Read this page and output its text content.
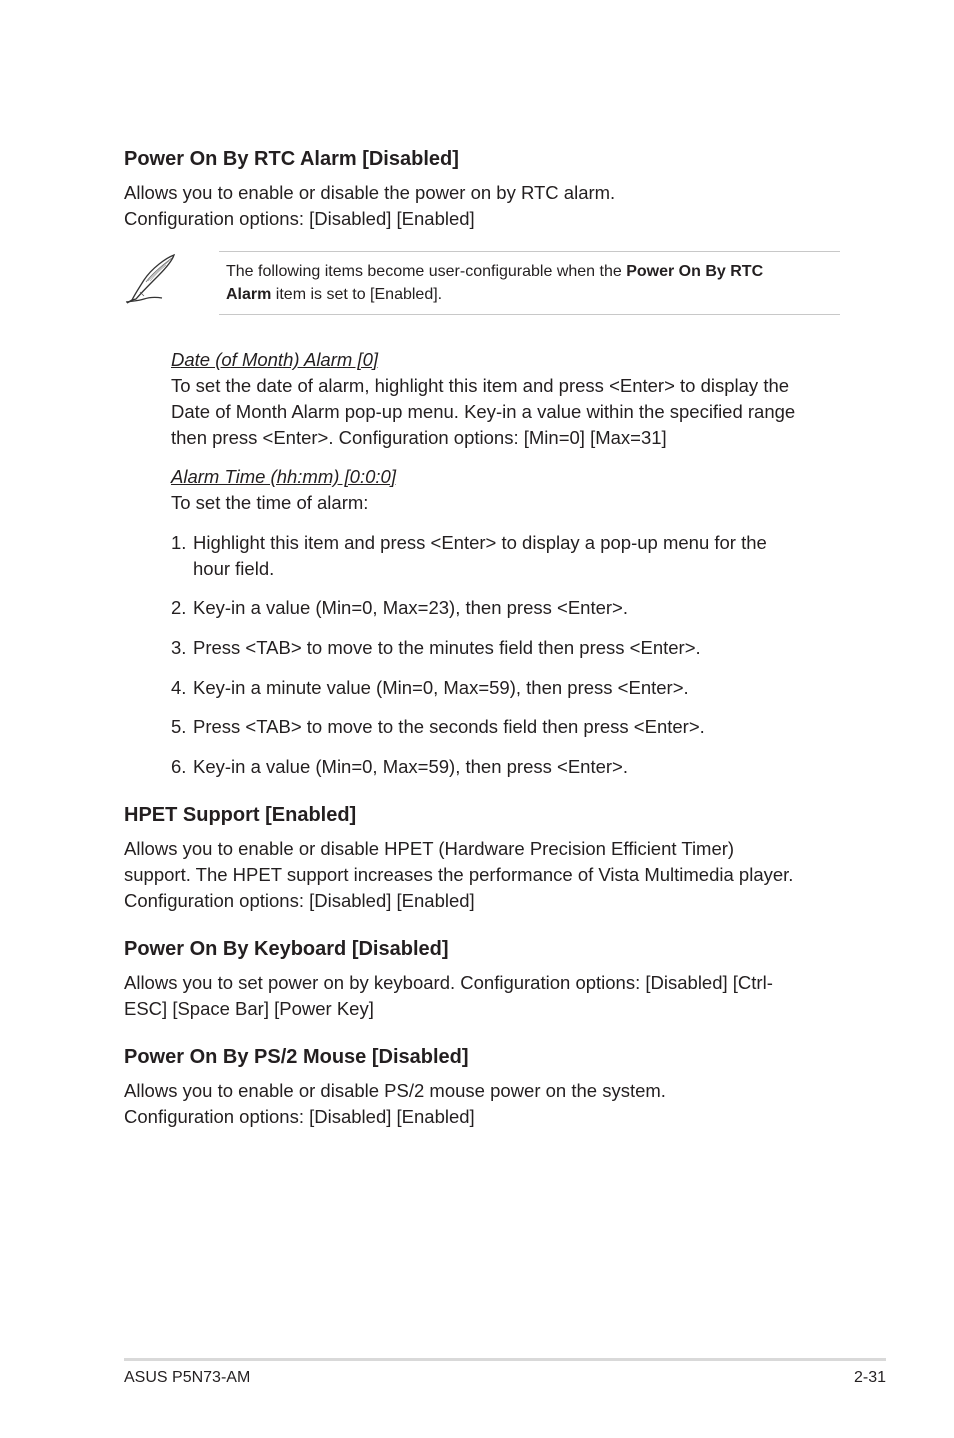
Power On By RTC Alarm [Disabled]

Allows you to enable or disable the power on by RTC alarm.

Configuration options: [Disabled] [Enabled]

The following items become user-configurable when the Power On By RTC
Alarm item is set to [Enabled].

Date (of Month) Alarm [0]

To set the date of alarm, highlight this item and press <Enter> to display the

Date of Month Alarm pop-up menu. Key-in a value within the specified range

then press <Enter>. Configuration options: [Min=0] [Max=31]

Alarm Time (hh:mm) [0:0:0]

To set the time of alarm:

1. Highlight this item and press <Enter> to display a pop-up menu for the
hour field.
2. Key-in a value (Min=0, Max=23), then press <Enter>.
3. Press <TAB> to move to the minutes field then press <Enter>.
4. Key-in a minute value (Min=0, Max=59), then press <Enter>.
5. Press <TAB> to move to the seconds field then press <Enter>.
6. Key-in a value (Min=0, Max=59), then press <Enter>.
HPET Support [Enabled]

Allows you to enable or disable HPET (Hardware Precision Efficient Timer)

support. The HPET support increases the performance of Vista Multimedia player.

Configuration options: [Disabled] [Enabled]

Power On By Keyboard [Disabled]

Allows you to set power on by keyboard. Configuration options: [Disabled] [Ctrl-

ESC] [Space Bar] [Power Key]

Power On By PS/2 Mouse [Disabled]

Allows you to enable or disable PS/2 mouse power on the system.

Configuration options: [Disabled] [Enabled]

ASUS P5N73-AM	2-31
